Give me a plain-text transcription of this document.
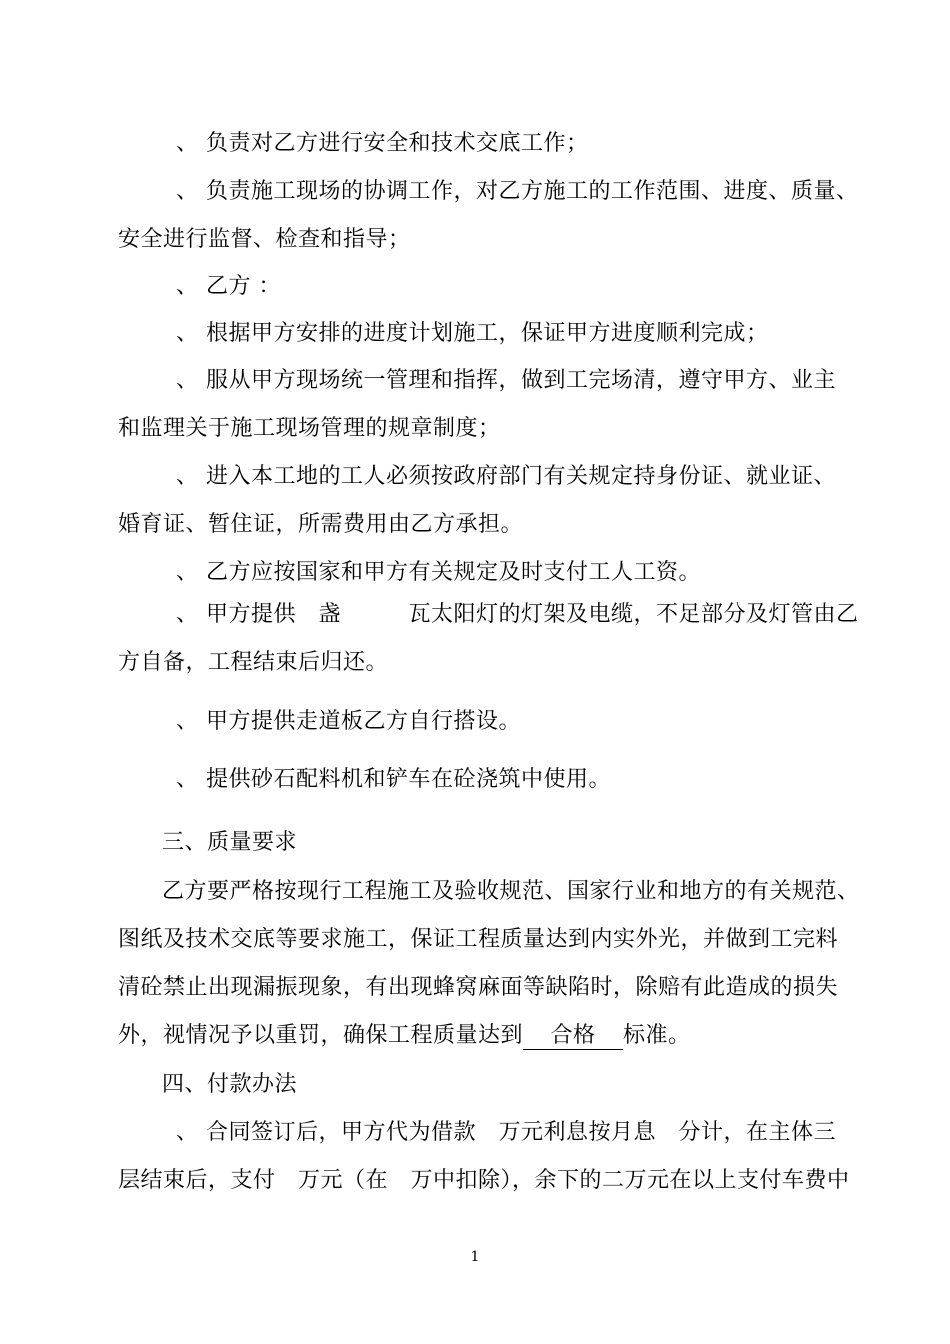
、 负责对乙方进行安全和技术交底工作；
、 负责施工现场的协调工作，对乙方施工的工作范围、进度、质量、
安全进行监督、检查和指导；
、 乙方 ：
、 根据甲方安排的进度计划施工，保证甲方进度顺利完成；
、 服从甲方现场统一管理和指挥，做到工完场清，遵守甲方、业主
和监理关于施工现场管理的规章制度；
、 进入本工地的工人必须按政府部门有关规定持身份证、就业证、
婚育证、暂住证，所需费用由乙方承担。
、 乙方应按国家和甲方有关规定及时支付工人工资。
、 甲方提供　盏　　　瓦太阳灯的灯架及电缆，不足部分及灯管由乙
方自备，工程结束后归还。
、 甲方提供走道板乙方自行搭设。
、 提供砂石配料机和铲车在砼浇筑中使用。
三、质量要求
乙方要严格按现行工程施工及验收规范、国家行业和地方的有关规范、
图纸及技术交底等要求施工，保证工程质量达到内实外光，并做到工完料
清砼禁止出现漏振现象，有出现蜂窝麻面等缺陷时，除赔有此造成的损失
外，视情况予以重罚，确保工程质量达到 合格 标准。
四、付款办法
、 合同签订后，甲方代为借款　万元利息按月息　分计，在主体三
层结束后，支付　万元（在　万中扣除），余下的二万元在以上支付车费中
1
